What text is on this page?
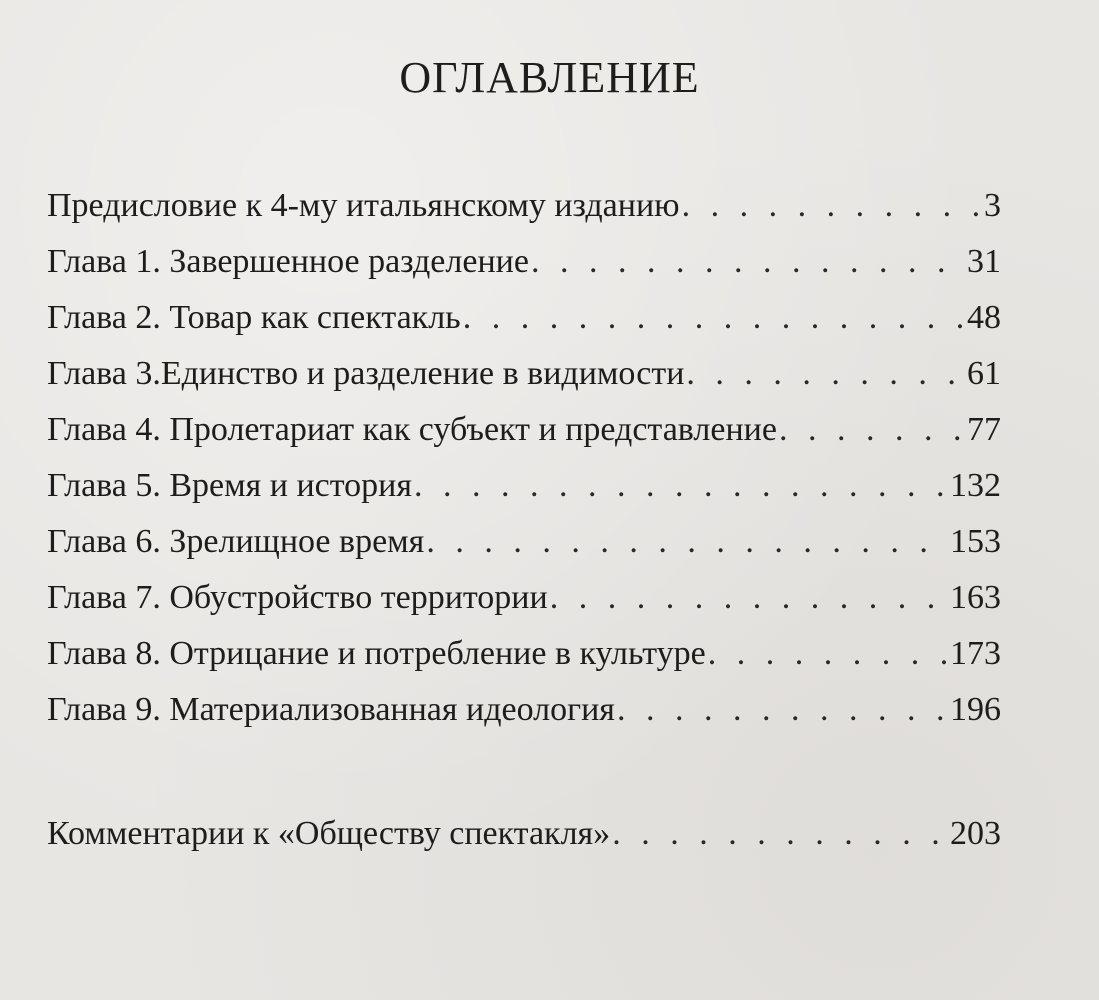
ОГЛАВЛЕНИЕ
Предисловие к 4-му итальянскому изданию . . .	3
Глава 1. Завершенное разделение . . .	31
Глава 2. Товар как спектакль . . .	48
Глава 3.Единство и разделение в видимости . . .	61
Глава 4. Пролетариат как субъект и представление . . .	77
Глава 5. Время и история . . .	132
Глава 6. Зрелищное время . . .	153
Глава 7. Обустройство территории . . .	163
Глава 8. Отрицание и потребление в культуре . . .	173
Глава 9. Материализованная идеология . . .	196
Комментарии к «Обществу спектакля» . . .	203
